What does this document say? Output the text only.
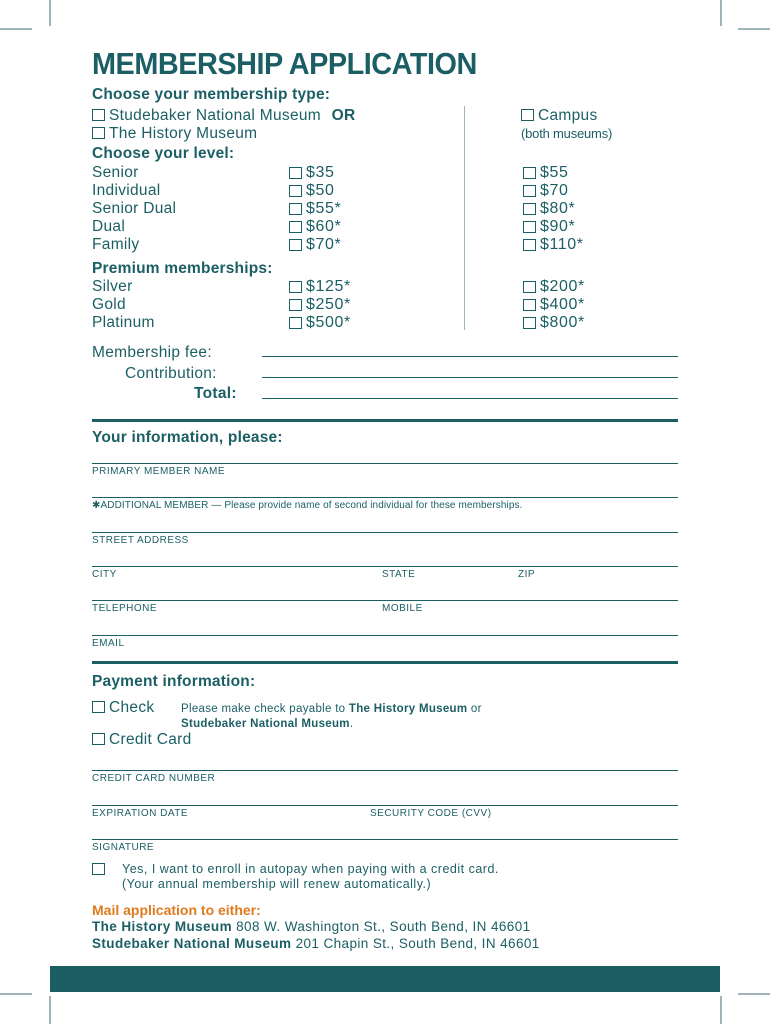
MEMBERSHIP APPLICATION
Choose your membership type:
Studebaker National Museum OR
The History Museum
Campus
(both museums)
Choose your level:
Senior	$35	$55
Individual	$50	$70
Senior Dual	$55*	$80*
Dual	$60*	$90*
Family	$70*	$110*
Premium memberships:
Silver	$125*	$200*
Gold	$250*	$400*
Platinum	$500*	$800*
Membership fee:
Contribution:
Total:
Your information, please:
PRIMARY MEMBER NAME
✱ADDITIONAL MEMBER — Please provide name of second individual for these memberships.
STREET ADDRESS
CITY	STATE	ZIP
TELEPHONE	MOBILE
EMAIL
Payment information:
Check Please make check payable to The History Museum or
Studebaker National Museum.
Credit Card
CREDIT CARD NUMBER
EXPIRATION DATE	SECURITY CODE (CVV)
SIGNATURE
Yes, I want to enroll in autopay when paying with a credit card.
(Your annual membership will renew automatically.)
Mail application to either:
The History Museum 808 W. Washington St., South Bend, IN 46601
Studebaker National Museum 201 Chapin St., South Bend, IN 46601
